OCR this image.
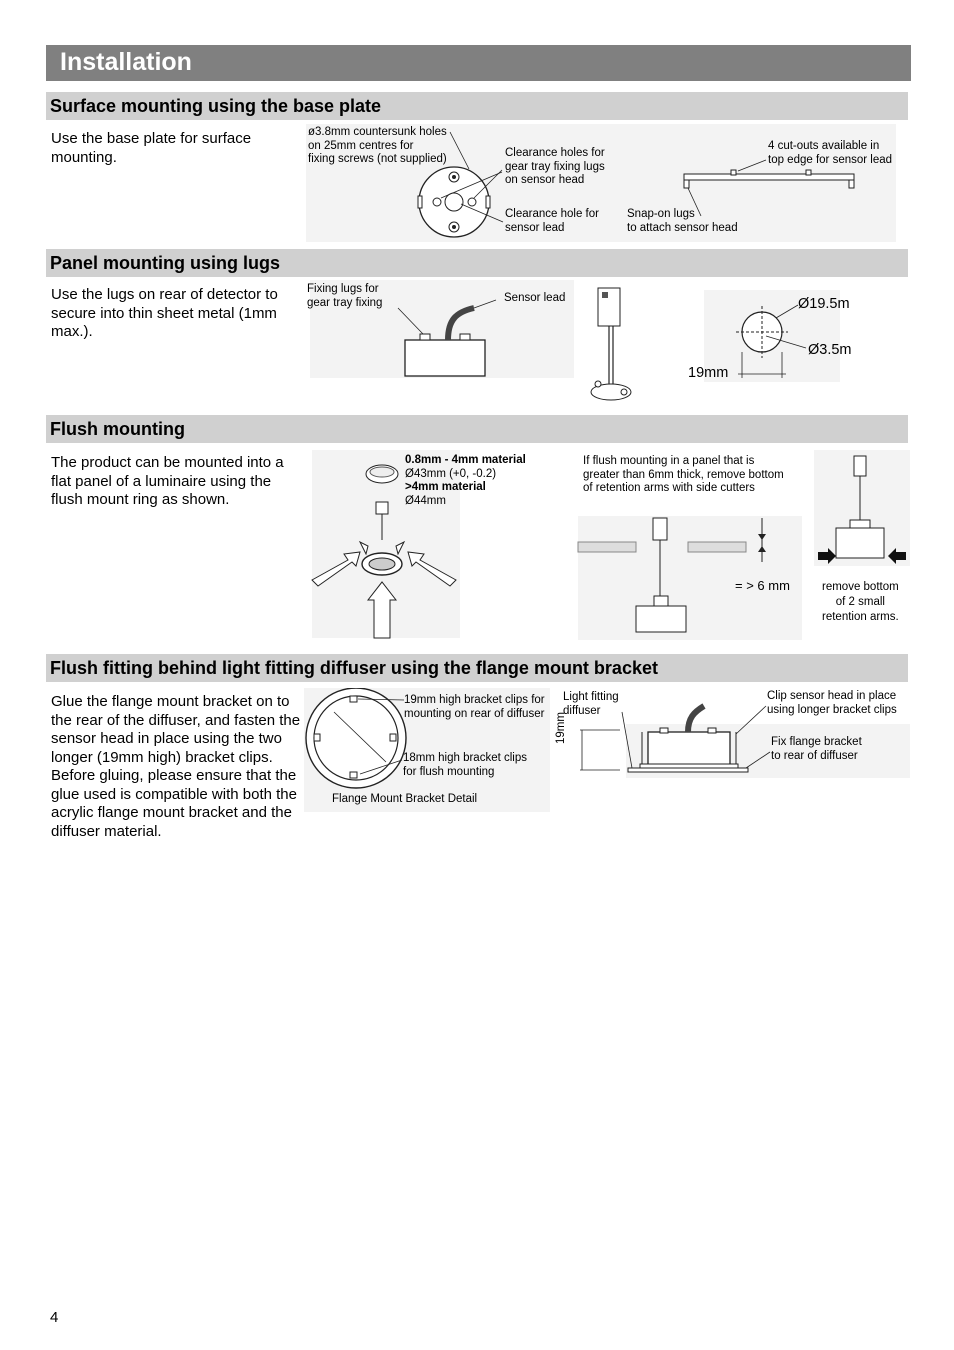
Installation
Surface mounting using the base plate
Use the base plate for surface mounting.
ø3.8mm countersunk holes
on 25mm centres for
fixing screws (not supplied)	Clearance holes for
gear tray fixing lugs
on sensor head
Clearance hole for
sensor lead
Snap-on lugs
to attach sensor head
4 cut-outs available in
top edge for sensor lead
Panel mounting using lugs
Use the lugs on rear of detector to secure into thin sheet metal (1mm max.).
Fixing lugs for
gear tray fixing	Sensor lead	Ø19.5m
Ø3.5m
19mm
Flush mounting
The product can be mounted into a flat panel of a luminaire using the flush mount ring as shown.
0.8mm - 4mm material
Ø43mm (+0, -0.2)
>4mm material
Ø44mm
If flush mounting in a panel that is
greater than 6mm thick, remove bottom
of retention arms with side cutters
= > 6 mm	remove bottom
of 2 small
retention arms.
Flush fitting behind light fitting diffuser using the flange mount bracket
Glue the flange mount bracket on to the rear of the diffuser, and fasten the sensor head in place using the two longer (19mm high) bracket clips.
Before gluing, please ensure that the glue used is compatible with both the acrylic flange mount bracket and the diffuser material.
19mm high bracket clips for
mounting on rear of diffuser
18mm high bracket clips
for flush mounting
Flange Mount Bracket Detail
Light fitting
diffuser
Clip sensor head in place
using longer bracket clips
Fix flange bracket
to rear of diffuser
19mm
4
